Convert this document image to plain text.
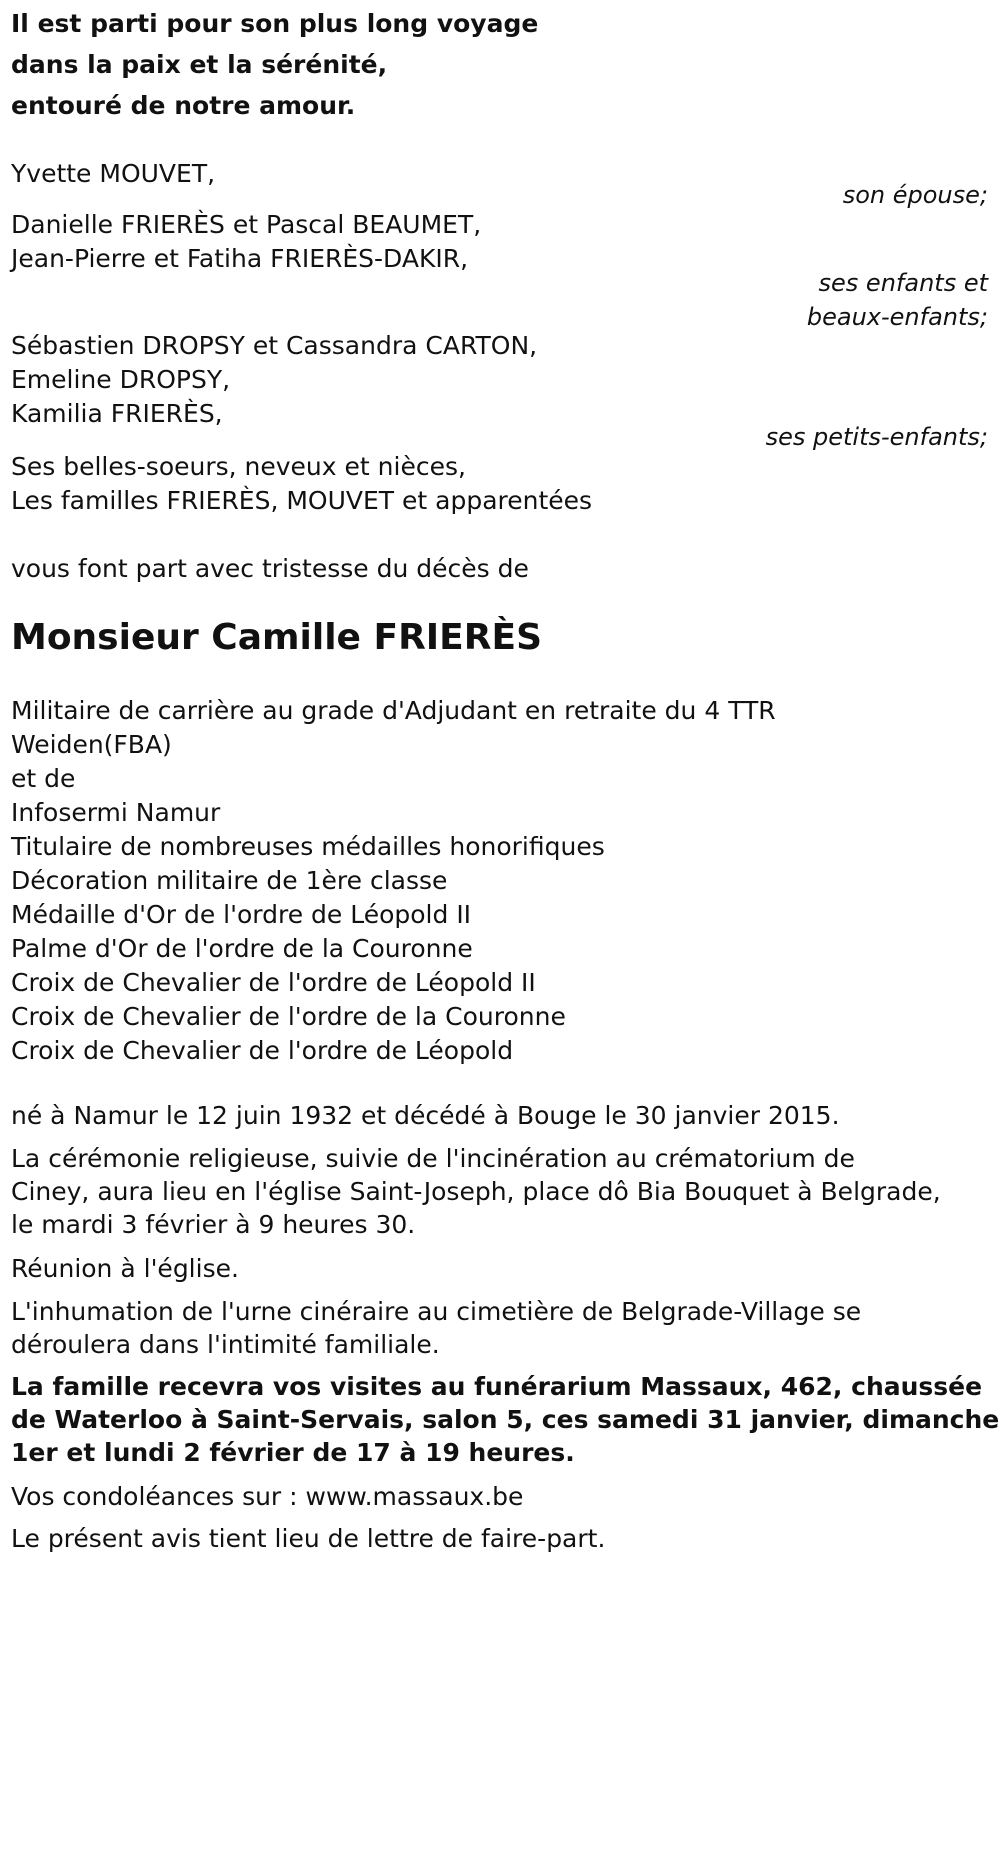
Il est parti pour son plus long voyage
dans la paix et la sérénité,
entouré de notre amour.
Yvette MOUVET,
son épouse;
Danielle FRIERÈS et Pascal BEAUMET,
Jean-Pierre et Fatiha FRIERÈS-DAKIR,
ses enfants et
beaux-enfants;
Sébastien DROPSY et Cassandra CARTON,
Emeline DROPSY,
Kamilia FRIERÈS,
ses petits-enfants;
Ses belles-soeurs, neveux et nièces,
Les familles FRIERÈS, MOUVET et apparentées
vous font part avec tristesse du décès de
Monsieur Camille FRIERÈS
Militaire de carrière au grade d'Adjudant en retraite du 4 TTR
Weiden(FBA)
et de
Infosermi Namur
Titulaire de nombreuses médailles honorifiques
Décoration militaire de 1ère classe
Médaille d'Or de l'ordre de Léopold II
Palme d'Or de l'ordre de la Couronne
Croix de Chevalier de l'ordre de Léopold II
Croix de Chevalier de l'ordre de la Couronne
Croix de Chevalier de l'ordre de Léopold
né à Namur le 12 juin 1932 et décédé à Bouge le 30 janvier 2015.
La cérémonie religieuse, suivie de l'incinération au crématorium de
Ciney, aura lieu en l'église Saint-Joseph, place dô Bia Bouquet à Belgrade,
le mardi 3 février à 9 heures 30.
Réunion à l'église.
L'inhumation de l'urne cinéraire au cimetière de Belgrade-Village se
déroulera dans l'intimité familiale.
La famille recevra vos visites au funérarium Massaux, 462, chaussée
de Waterloo à Saint-Servais, salon 5, ces samedi 31 janvier, dimanche
1er et lundi 2 février de 17 à 19 heures.
Vos condoléances sur : www.massaux.be
Le présent avis tient lieu de lettre de faire-part.
